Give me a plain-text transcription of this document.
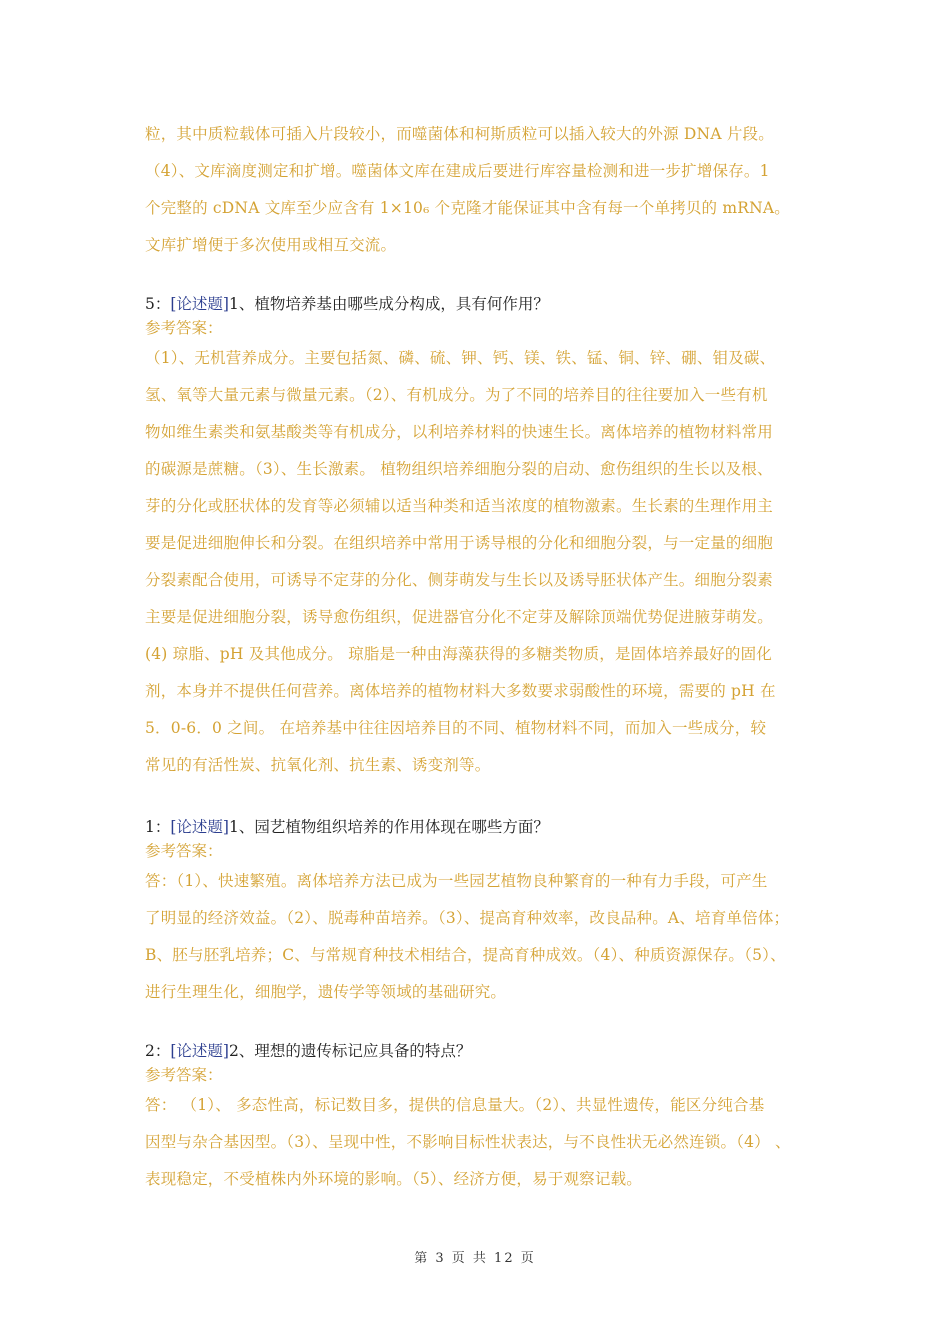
粒，其中质粒载体可插入片段较小，而噬菌体和柯斯质粒可以插入较大的外源 DNA 片段。
（4）、文库滴度测定和扩增。噬菌体文库在建成后要进行库容量检测和进一步扩增保存。1
个完整的 cDNA 文库至少应含有 1×10₆ 个克隆才能保证其中含有每一个单拷贝的 mRNA。
文库扩增便于多次使用或相互交流。
5：[论述题]1、植物培养基由哪些成分构成，具有何作用？
参考答案：
（1）、无机营养成分。主要包括氮、磷、硫、钾、钙、镁、铁、锰、铜、锌、硼、钼及碳、
氢、氧等大量元素与微量元素。（2）、有机成分。为了不同的培养目的往往要加入一些有机
物如维生素类和氨基酸类等有机成分，以利培养材料的快速生长。离体培养的植物材料常用
的碳源是蔗糖。（3）、生长激素。 植物组织培养细胞分裂的启动、愈伤组织的生长以及根、
芽的分化或胚状体的发育等必须辅以适当种类和适当浓度的植物激素。生长素的生理作用主
要是促进细胞伸长和分裂。在组织培养中常用于诱导根的分化和细胞分裂，与一定量的细胞
分裂素配合使用，可诱导不定芽的分化、侧芽萌发与生长以及诱导胚状体产生。细胞分裂素
主要是促进细胞分裂，诱导愈伤组织，促进器官分化不定芽及解除顶端优势促进腋芽萌发。
(4) 琼脂、pH 及其他成分。 琼脂是一种由海藻获得的多糖类物质，是固体培养最好的固化
剂，本身并不提供任何营养。离体培养的植物材料大多数要求弱酸性的环境，需要的 pH 在
5．0-6．0 之间。 在培养基中往往因培养目的不同、植物材料不同，而加入一些成分，较
常见的有活性炭、抗氧化剂、抗生素、诱变剂等。
1：[论述题]1、园艺植物组织培养的作用体现在哪些方面？
参考答案：
答：（1）、快速繁殖。离体培养方法已成为一些园艺植物良种繁育的一种有力手段，可产生
了明显的经济效益。（2）、脱毒种苗培养。（3）、提高育种效率，改良品种。A、培育单倍体；
B、胚与胚乳培养；C、与常规育种技术相结合，提高育种成效。（4）、种质资源保存。（5）、
进行生理生化，细胞学，遗传学等领域的基础研究。
2：[论述题]2、理想的遗传标记应具备的特点？
参考答案：
答： （1）、 多态性高，标记数目多，提供的信息量大。（2）、共显性遗传，能区分纯合基
因型与杂合基因型。（3）、呈现中性，不影响目标性状表达，与不良性状无必然连锁。（4） 、
表现稳定，不受植株内外环境的影响。（5）、经济方便，易于观察记载。
第 3 页 共 12 页
